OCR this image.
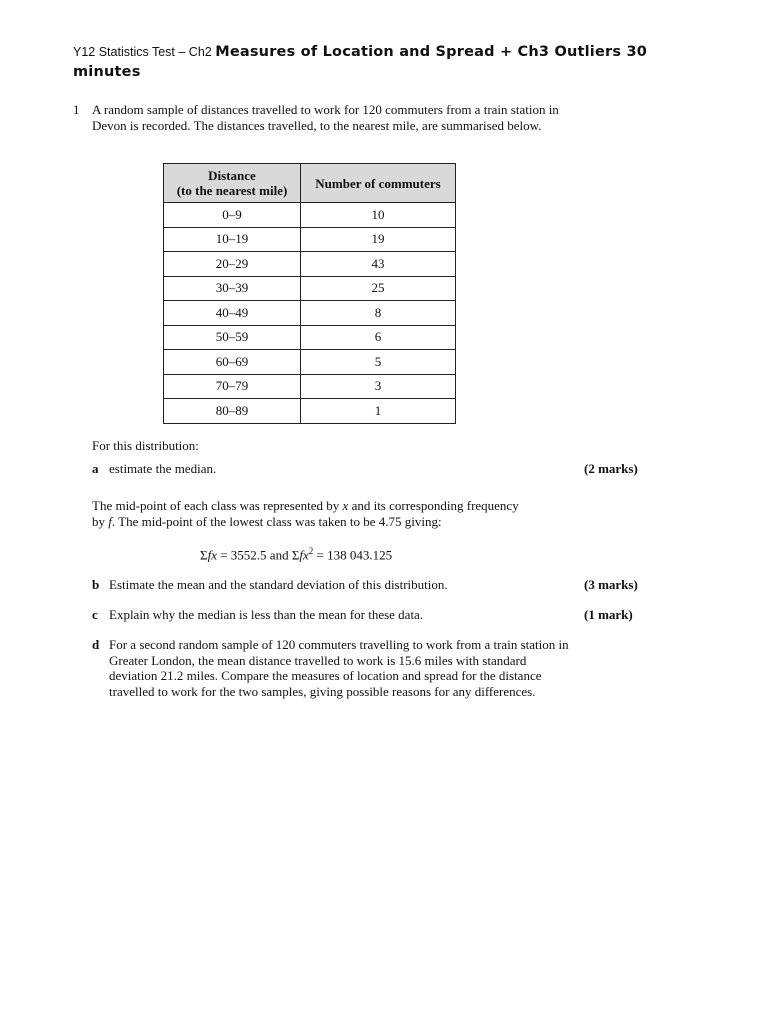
Y12 Statistics Test – Ch2 Measures of Location and Spread + Ch3 Outliers 30 minutes
1 A random sample of distances travelled to work for 120 commuters from a train station in Devon is recorded. The distances travelled, to the nearest mile, are summarised below.
Distance
(to the nearest mile)	Number of commuters
0–9	10
10–19	19
20–29	43
30–39	25
40–49	8
50–59	6
60–69	5
70–79	3
80–89	1
For this distribution:
a estimate the median.	(2 marks)
The mid-point of each class was represented by x and its corresponding frequency
by f. The mid-point of the lowest class was taken to be 4.75 giving:
Σfx = 3552.5 and Σfx$^2$ = 138 043.125
b Estimate the mean and the standard deviation of this distribution.	(3 marks)
c Explain why the median is less than the mean for these data.	(1 mark)
d For a second random sample of 120 commuters travelling to work from a train station in Greater London, the mean distance travelled to work is 15.6 miles with standard deviation 21.2 miles. Compare the measures of location and spread for the distance travelled to work for the two samples, giving possible reasons for any differences.
